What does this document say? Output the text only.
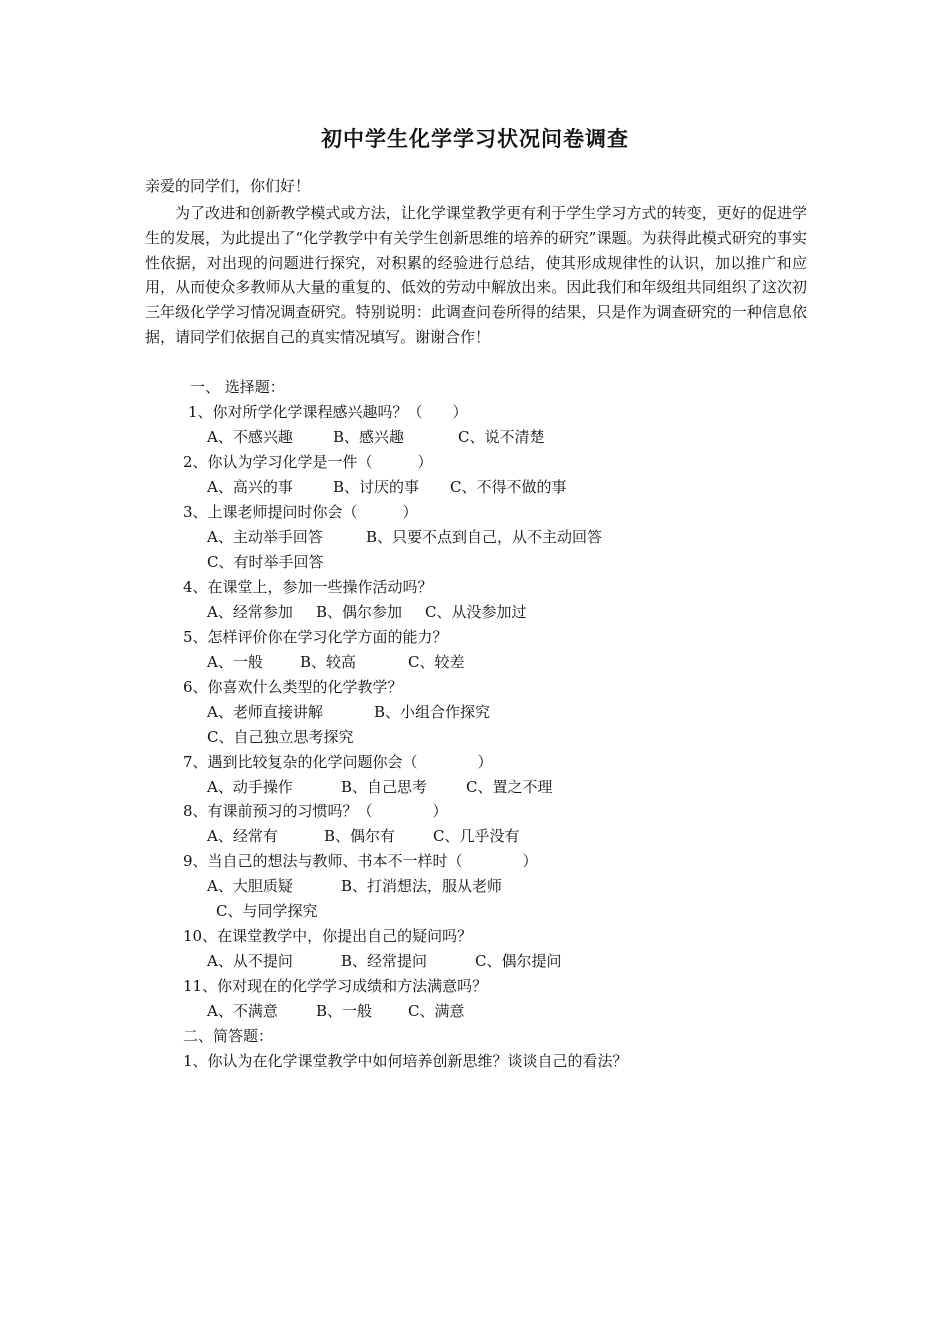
初中学生化学学习状况问卷调查
亲爱的同学们，你们好！
为了改进和创新教学模式或方法，让化学课堂教学更有利于学生学习方式的转变，更好的促进学生的发展，为此提出了“化学教学中有关学生创新思维的培养的研究”课题。为获得此模式研究的事实性依据，对出现的问题进行探究，对积累的经验进行总结，使其形成规律性的认识，加以推广和应用，从而使众多教师从大量的重复的、低效的劳动中解放出来。因此我们和年级组共同组织了这次初三年级化学学习情况调查研究。特别说明：此调查问卷所得的结果，只是作为调查研究的一种信息依据，请同学们依据自己的真实情况填写。谢谢合作！
一、 选择题：
1、你对所学化学课程感兴趣吗？（　　）
A、不感兴趣	B、感兴趣	C、说不清楚
2、你认为学习化学是一件（　　　）
A、高兴的事	B、讨厌的事 C、不得不做的事
3、上课老师提问时你会（　　　）
A、主动举手回答	B、只要不点到自己，从不主动回答
C、有时举手回答
4、在课堂上，参加一些操作活动吗？
A、经常参加 B、偶尔参加 C、从没参加过
5、怎样评价你在学习化学方面的能力？
A、一般 B、较高	C、较差
6、你喜欢什么类型的化学教学？
A、老师直接讲解	B、小组合作探究
C、自己独立思考探究
7、遇到比较复杂的化学问题你会（　　　　）
A、动手操作	B、自己思考	C、置之不理
8、有课前预习的习惯吗？（　　　　）
A、经常有	B、偶尔有	C、几乎没有
9、当自己的想法与教师、书本不一样时（　　　　）
A、大胆质疑	B、打消想法，服从老师
C、与同学探究
10、在课堂教学中，你提出自己的疑问吗？
A、从不提问	B、经常提问	C、偶尔提问
11、你对现在的化学学习成绩和方法满意吗？
A、不满意	B、一般 C、满意
二、简答题：
1、你认为在化学课堂教学中如何培养创新思维？谈谈自己的看法？
